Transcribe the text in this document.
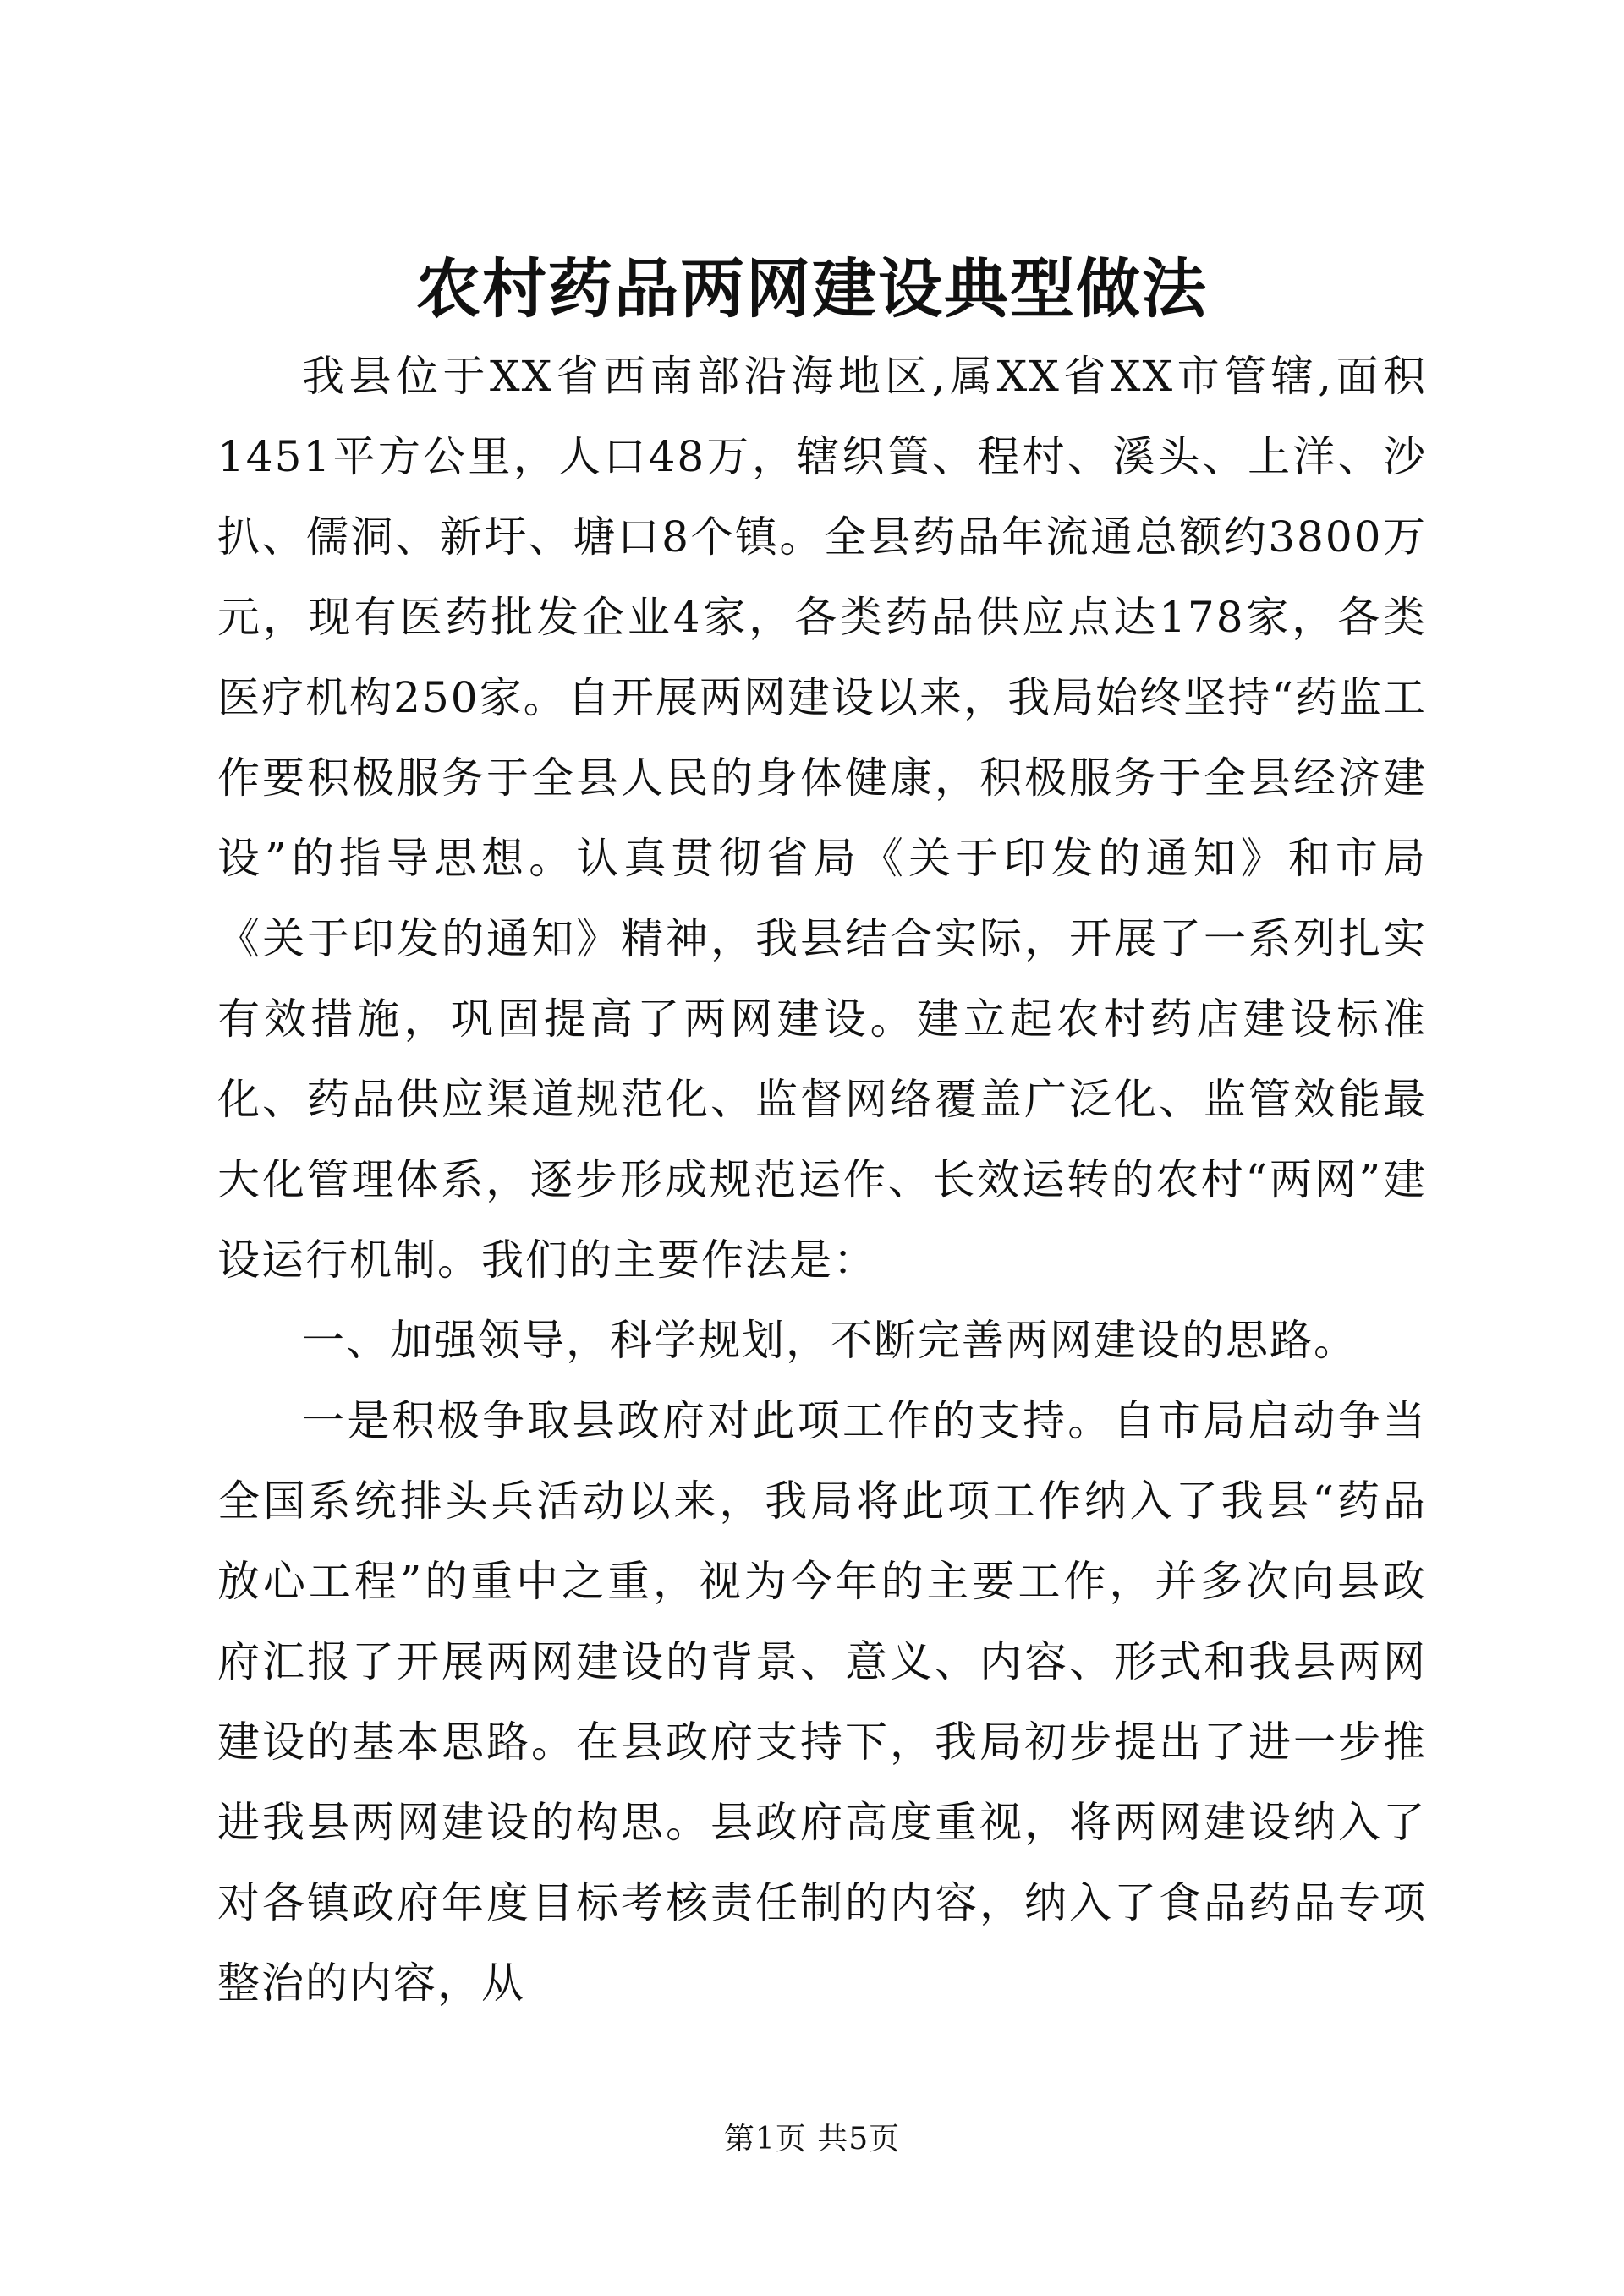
农村药品两网建设典型做法

我县位于XX省西南部沿海地区,属XX省XX市管辖,面积1451平方公里，人口48万，辖织篢、程村、溪头、上洋、沙扒、儒洞、新圩、塘口8个镇。全县药品年流通总额约3800万元，现有医药批发企业4家，各类药品供应点达178家，各类医疗机构250家。自开展两网建设以来，我局始终坚持“药监工作要积极服务于全县人民的身体健康，积极服务于全县经济建设”的指导思想。认真贯彻省局《关于印发的通知》和市局《关于印发的通知》精神，我县结合实际，开展了一系列扎实有效措施，巩固提高了两网建设。建立起农村药店建设标准化、药品供应渠道规范化、监督网络覆盖广泛化、监管效能最大化管理体系，逐步形成规范运作、长效运转的农村“两网”建设运行机制。我们的主要作法是：

一、加强领导，科学规划，不断完善两网建设的思路。

一是积极争取县政府对此项工作的支持。自市局启动争当全国系统排头兵活动以来，我局将此项工作纳入了我县“药品放心工程”的重中之重，视为今年的主要工作，并多次向县政府汇报了开展两网建设的背景、意义、内容、形式和我县两网建设的基本思路。在县政府支持下，我局初步提出了进一步推进我县两网建设的构思。县政府高度重视，将两网建设纳入了对各镇政府年度目标考核责任制的内容，纳入了食品药品专项整治的内容，从

第1页 共5页
